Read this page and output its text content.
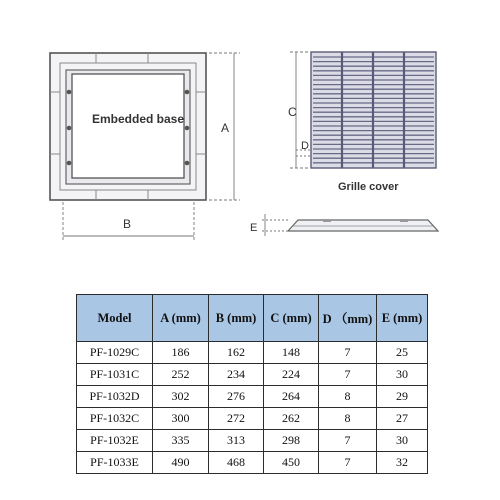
Embedded base
A
B
C
D
Grille cover
E
Model	A (mm)	B (mm)	C (mm)	D （mm)	E (mm)
PF-1029C	186	162	148	7	25
PF-1031C	252	234	224	7	30
PF-1032D	302	276	264	8	29
PF-1032C	300	272	262	8	27
PF-1032E	335	313	298	7	30
PF-1033E	490	468	450	7	32
